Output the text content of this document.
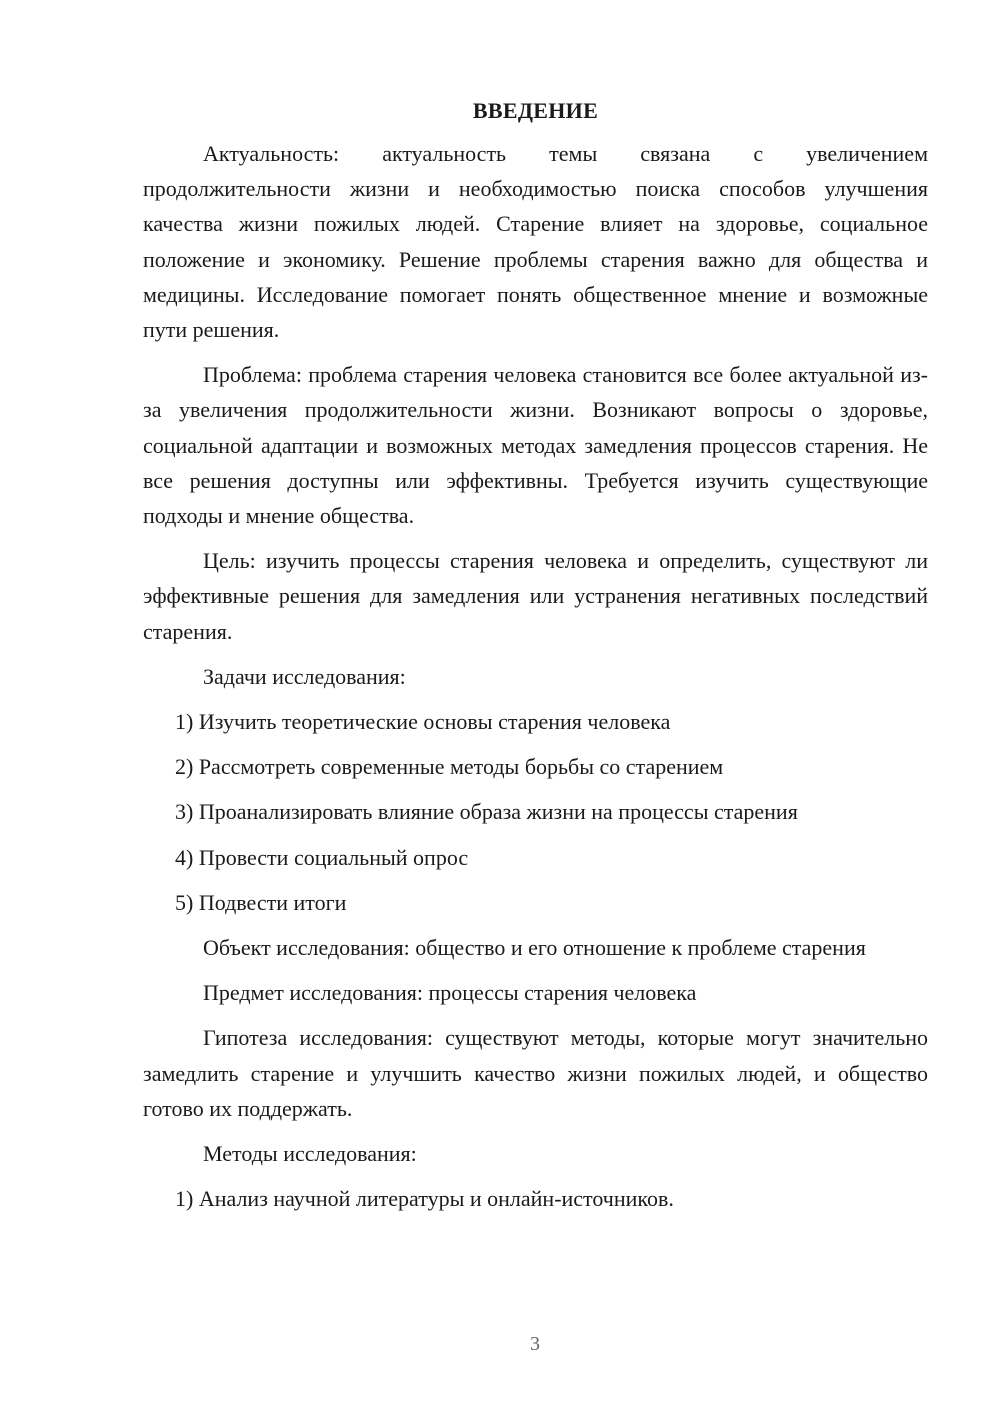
ВВЕДЕНИЕ

Актуальность: актуальность темы связана с увеличением продолжительности жизни и необходимостью поиска способов улучшения качества жизни пожилых людей. Старение влияет на здоровье, социальное положение и экономику. Решение проблемы старения важно для общества и медицины. Исследование помогает понять общественное мнение и возможные пути решения.

Проблема: проблема старения человека становится все более актуальной из-за увеличения продолжительности жизни. Возникают вопросы о здоровье, социальной адаптации и возможных методах замедления процессов старения. Не все решения доступны или эффективны. Требуется изучить существующие подходы и мнение общества.

Цель: изучить процессы старения человека и определить, существуют ли эффективные решения для замедления или устранения негативных последствий старения.

Задачи исследования:

1) Изучить теоретические основы старения человека
2) Рассмотреть современные методы борьбы со старением
3) Проанализировать влияние образа жизни на процессы старения
4) Провести социальный опрос
5) Подвести итоги

Объект исследования: общество и его отношение к проблеме старения

Предмет исследования: процессы старения человека

Гипотеза исследования: существуют методы, которые могут значительно замедлить старение и улучшить качество жизни пожилых людей, и общество готово их поддержать.

Методы исследования:

1) Анализ научной литературы и онлайн-источников.
3
